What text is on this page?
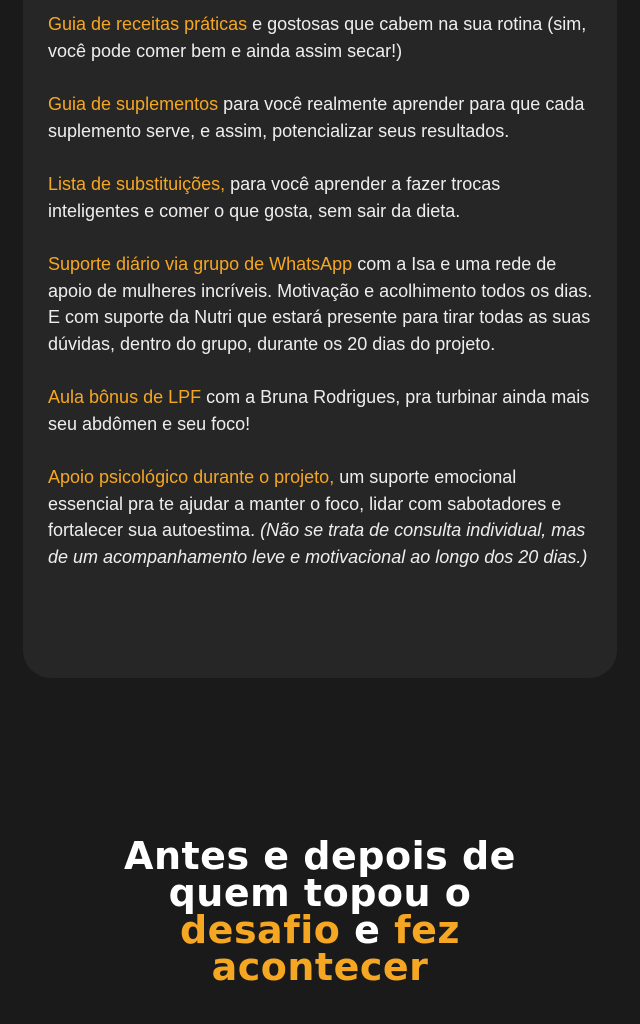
Guia de receitas práticas e gostosas que cabem na sua rotina (sim, você pode comer bem e ainda assim secar!)
Guia de suplementos para você realmente aprender para que cada suplemento serve, e assim, potencializar seus resultados.
Lista de substituições, para você aprender a fazer trocas inteligentes e comer o que gosta, sem sair da dieta.
Suporte diário via grupo de WhatsApp com a Isa e uma rede de apoio de mulheres incríveis. Motivação e acolhimento todos os dias. E com suporte da Nutri que estará presente para tirar todas as suas dúvidas, dentro do grupo, durante os 20 dias do projeto.
Aula bônus de LPF com a Bruna Rodrigues, pra turbinar ainda mais seu abdômen e seu foco!
Apoio psicológico durante o projeto, um suporte emocional essencial pra te ajudar a manter o foco, lidar com sabotadores e fortalecer sua autoestima. (Não se trata de consulta individual, mas de um acompanhamento leve e motivacional ao longo dos 20 dias.)
Antes e depois de
quem topou o
desafio e fez
acontecer
